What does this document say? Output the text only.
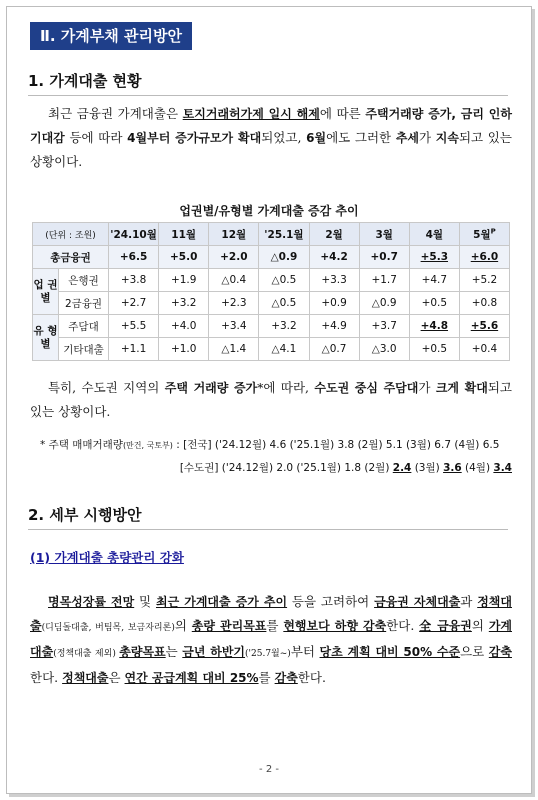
Ⅱ. 가계부채 관리방안
1. 가계대출 현황
최근 금융권 가계대출은 토지거래허가제 일시 해제에 따른 주택거래량 증가, 금리 인하 기대감 등에 따라 4월부터 증가규모가 확대되었고, 6월에도 그러한 추세가 지속되고 있는 상황이다.
업권별/유형별 가계대출 증감 추이
(단위 : 조원)		'24.10월	11월	12월	'25.1월	2월	3월	4월	5월$^P$
총금융권		+6.5	+5.0	+2.0	△0.9	+4.2	+0.7	+5.3	+6.0
업 권 별	은행권	+3.8	+1.9	△0.4	△0.5	+3.3	+1.7	+4.7	+5.2
	2금융권	+2.7	+3.2	+2.3	△0.5	+0.9	△0.9	+0.5	+0.8
유 형 별	주담대	+5.5	+4.0	+3.4	+3.2	+4.9	+3.7	+4.8	+5.6
	기타대출	+1.1	+1.0	△1.4	△4.1	△0.7	△3.0	+0.5	+0.4
특히, 수도권 지역의 주택 거래량 증가*에 따라, 수도권 중심 주담대가 크게 확대되고 있는 상황이다.
* 주택 매매거래량(만건, 국토부) : [전국] ('24.12월) 4.6 ('25.1월) 3.8 (2월) 5.1 (3월) 6.7 (4월) 6.5
[수도권] ('24.12월) 2.0 ('25.1월) 1.8 (2월) 2.4 (3월) 3.6 (4월) 3.4
2. 세부 시행방안
(1) 가계대출 총량관리 강화
명목성장률 전망 및 최근 가계대출 증가 추이 등을 고려하여 금융권 자체대출과 정책대출(디딤돌대출, 버팀목, 보금자리론)의 총량 관리목표를 현행보다 하향 감축한다. 全 금융권의 가계대출(정책대출 제외) 총량목표는 금년 하반기('25.7월~)부터 당초 계획 대비 50% 수준으로 감축한다. 정책대출은 연간 공급계획 대비 25%를 감축한다.
- 2 -
